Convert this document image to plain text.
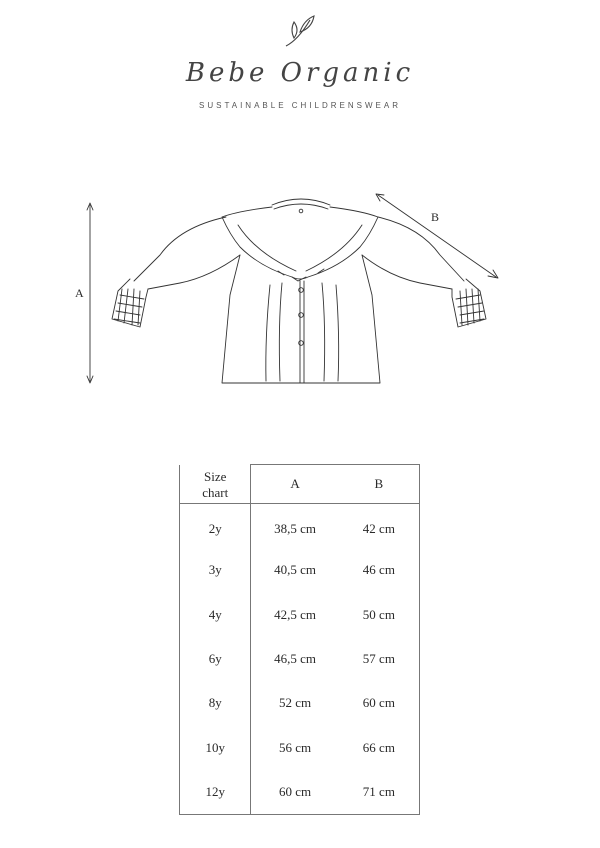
Bebe Organic
SUSTAINABLE CHILDRENSWEAR
A
B
Size
chart	A	B
2y	38,5 cm	42 cm
3y	40,5 cm	46 cm
4y	42,5 cm	50 cm
6y	46,5 cm	57 cm
8y	52 cm	60 cm
10y	56 cm	66 cm
12y	60 cm	71 cm
